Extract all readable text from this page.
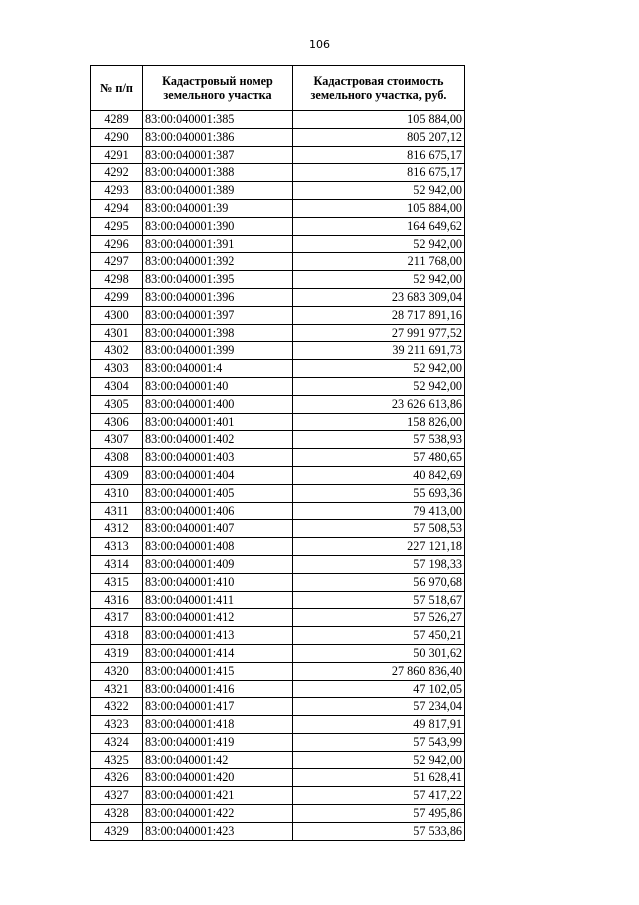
106
№ п/п	Кадастровый номер земельного участка	Кадастровая стоимость земельного участка, руб.
4289	83:00:040001:385	105 884,00
4290	83:00:040001:386	805 207,12
4291	83:00:040001:387	816 675,17
4292	83:00:040001:388	816 675,17
4293	83:00:040001:389	52 942,00
4294	83:00:040001:39	105 884,00
4295	83:00:040001:390	164 649,62
4296	83:00:040001:391	52 942,00
4297	83:00:040001:392	211 768,00
4298	83:00:040001:395	52 942,00
4299	83:00:040001:396	23 683 309,04
4300	83:00:040001:397	28 717 891,16
4301	83:00:040001:398	27 991 977,52
4302	83:00:040001:399	39 211 691,73
4303	83:00:040001:4	52 942,00
4304	83:00:040001:40	52 942,00
4305	83:00:040001:400	23 626 613,86
4306	83:00:040001:401	158 826,00
4307	83:00:040001:402	57 538,93
4308	83:00:040001:403	57 480,65
4309	83:00:040001:404	40 842,69
4310	83:00:040001:405	55 693,36
4311	83:00:040001:406	79 413,00
4312	83:00:040001:407	57 508,53
4313	83:00:040001:408	227 121,18
4314	83:00:040001:409	57 198,33
4315	83:00:040001:410	56 970,68
4316	83:00:040001:411	57 518,67
4317	83:00:040001:412	57 526,27
4318	83:00:040001:413	57 450,21
4319	83:00:040001:414	50 301,62
4320	83:00:040001:415	27 860 836,40
4321	83:00:040001:416	47 102,05
4322	83:00:040001:417	57 234,04
4323	83:00:040001:418	49 817,91
4324	83:00:040001:419	57 543,99
4325	83:00:040001:42	52 942,00
4326	83:00:040001:420	51 628,41
4327	83:00:040001:421	57 417,22
4328	83:00:040001:422	57 495,86
4329	83:00:040001:423	57 533,86
